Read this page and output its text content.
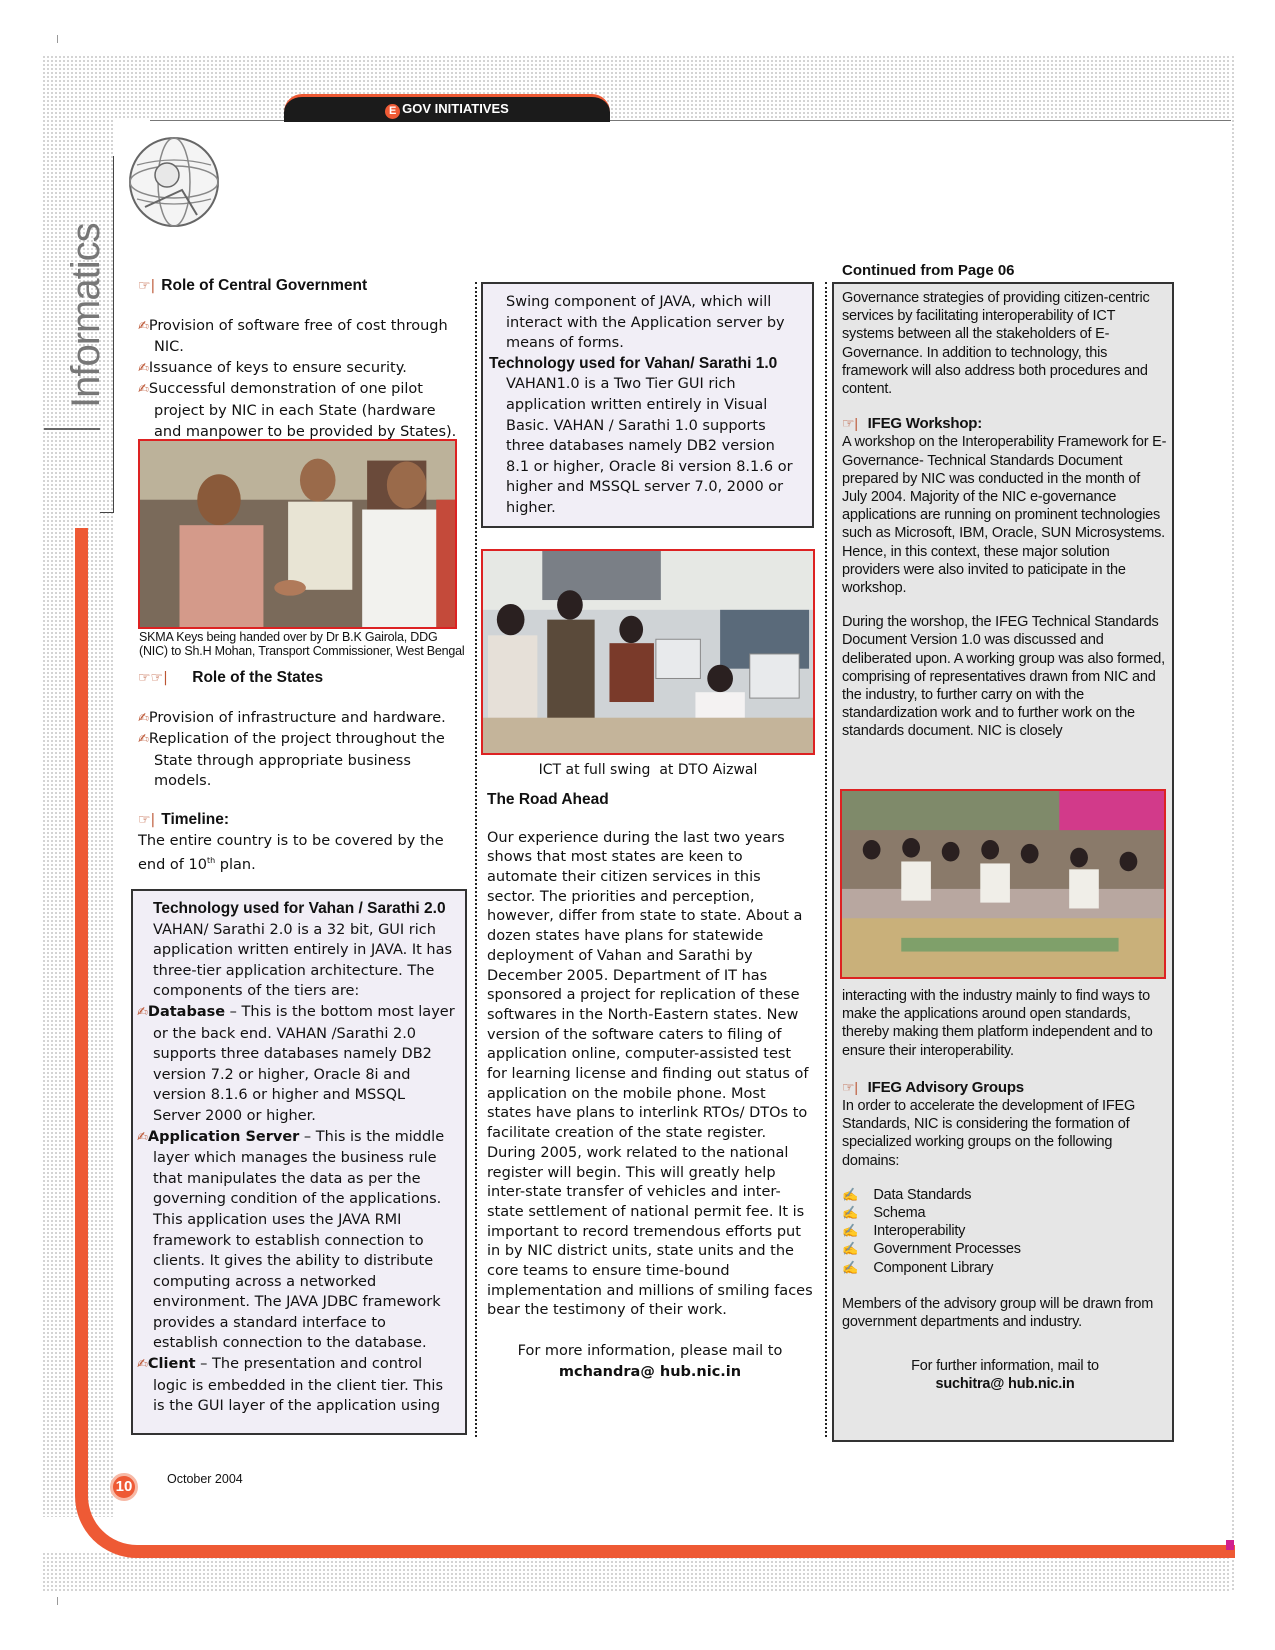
E GOV INITIATIVES
Informatics ☞| Role of Central Government

✍Provision of software free of cost through NIC.

✍Issuance of keys to ensure security.

✍Successful demonstration of one pilot project by NIC in each State (hardware and manpower to be provided by States).

SKMA Keys being handed over by Dr B.K Gairola, DDG (NIC) to Sh.H Mohan, Transport Commissioner, West Bengal

☞☞| Role of the States

✍Provision of infrastructure and hardware.

✍Replication of the project throughout the State through appropriate business models.

☞| Timeline:

The entire country is to be covered by the end of 10th plan.

Technology used for Vahan / Sarathi 2.0

VAHAN/ Sarathi 2.0 is a 32 bit, GUI rich application written entirely in JAVA. It has three-tier application architecture. The components of the tiers are:

✍Database – This is the bottom most layer or the back end. VAHAN /Sarathi 2.0 supports three databases namely DB2 version 7.2 or higher, Oracle 8i and version 8.1.6 or higher and MSSQL Server 2000 or higher.

✍Application Server – This is the middle layer which manages the business rule that manipulates the data as per the governing condition of the applications. This application uses the JAVA RMI framework to establish connection to clients. It gives the ability to distribute computing across a networked environment. The JAVA JDBC framework provides a standard interface to establish connection to the database.

✍Client – The presentation and control logic is embedded in the client tier. This is the GUI layer of the application using

Swing component of JAVA, which will interact with the Application server by means of forms.

Technology used for Vahan/ Sarathi 1.0

VAHAN1.0 is a Two Tier GUI rich application written entirely in Visual Basic. VAHAN / Sarathi 1.0 supports three databases namely DB2 version 8.1 or higher, Oracle 8i version 8.1.6 or higher and MSSQL server 7.0, 2000 or higher.

ICT at full swing  at DTO Aizwal

The Road Ahead

Our experience during the last two years shows that most states are keen to automate their citizen services in this sector. The priorities and perception, however, differ from state to state. About a dozen states have plans for statewide deployment of Vahan and Sarathi by December 2005. Department of IT has sponsored a project for replication of these softwares in the North-Eastern states. New version of the software caters to filing of application online, computer-assisted test for learning license and finding out status of application on the mobile phone. Most states have plans to interlink RTOs/ DTOs to facilitate creation of the state register. During 2005, work related to the national register will begin. This will greatly help inter-state transfer of vehicles and inter-state settlement of national permit fee. It is important to record tremendous efforts put in by NIC district units, state units and the core teams to ensure time-bound implementation and millions of smiling faces bear the testimony of their work.

For more information, please mail to

mchandra@ hub.nic.in

Continued from Page 06

Governance strategies of providing citizen-centric services by facilitating interoperability of ICT systems between all the stakeholders of E-Governance. In addition to technology, this framework will also address both procedures and content.

☞| IFEG Workshop:

A workshop on the Interoperability Framework for E-Governance- Technical Standards Document prepared by NIC was conducted in the month of July 2004. Majority of the NIC e-governance applications are running on prominent technologies such as Microsoft, IBM, Oracle, SUN Microsystems. Hence, in this context, these major solution providers were also invited to paticipate in the workshop.

During the worshop, the IFEG Technical Standards Document Version 1.0 was discussed and deliberated upon. A working group was also formed, comprising of representatives drawn from NIC and the industry, to further carry on with the standardization work and to further work on the standards document. NIC is closely

interacting with the industry mainly to find ways to make the applications around open standards, thereby making them platform independent and to ensure their interoperability.

☞| IFEG Advisory Groups

In order to accelerate the development of IFEG Standards, NIC is considering the formation of specialized working groups on the following domains:

✍ Data Standards

✍ Schema

✍ Interoperability

✍ Government Processes

✍ Component Library

Members of the advisory group will be drawn from government departments and industry.

For further information, mail to

suchitra@ hub.nic.in

10	October 2004
